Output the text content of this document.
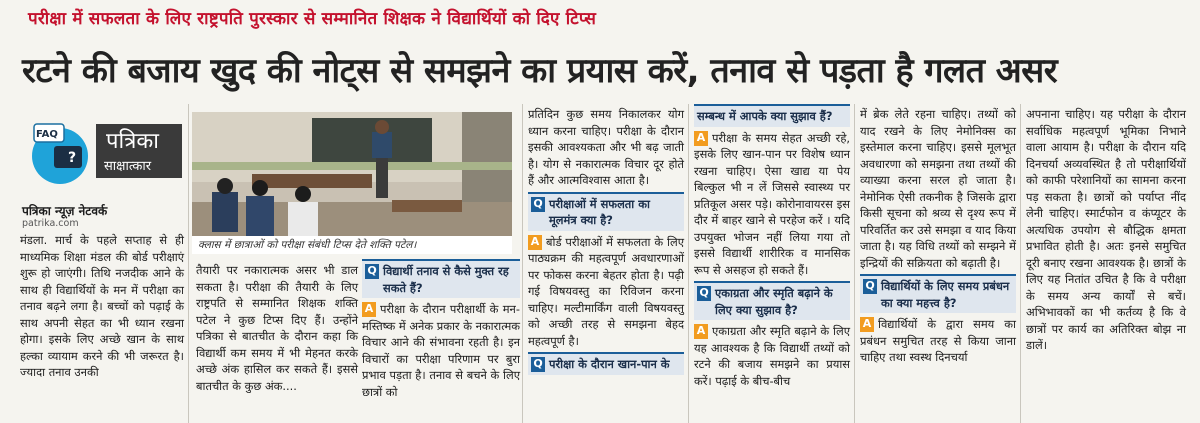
परीक्षा में सफलता के लिए राष्ट्रपति पुरस्कार से सम्मानित शिक्षक ने विद्यार्थियों को दिए टिप्स
रटने की बजाय खुद की नोट्स से समझने का प्रयास करें, तनाव से पड़ता है गलत असर
?
FAQ पत्रिका
साक्षात्कार
पत्रिका न्यूज़ नेटवर्क
patrika.com

मंडला. मार्च के पहले सप्ताह से ही माध्यमिक शिक्षा मंडल की बोर्ड परीक्षाएं शुरू हो जाएंगी। तिथि नजदीक आने के साथ ही विद्यार्थियों के मन में परीक्षा का तनाव बढ़ने लगा है। बच्चों को पढ़ाई के साथ अपनी सेहत का भी ध्यान रखना होगा। इसके लिए अच्छे खान के साथ हल्का व्यायाम करने की भी जरूरत है। ज्यादा तनाव उनकी

क्लास में छात्राओं को परीक्षा संबंधी टिप्स देते शक्ति पटेल।

तैयारी पर नकारात्मक असर भी डाल सकता है। परीक्षा की तैयारी के लिए राष्ट्रपति से सम्मानित शिक्षक शक्ति पटेल ने कुछ टिप्स दिए हैं। उन्होंने पत्रिका से बातचीत के दौरान कहा कि विद्यार्थी कम समय में भी मेहनत करके अच्छे अंक हासिल कर सकते हैं। इससे बातचीत के कुछ अंक....

Q विद्यार्थी तनाव से कैसे मुक्त रह सकते हैं?

A परीक्षा के दौरान परीक्षार्थी के मन-मस्तिष्क में अनेक प्रकार के नकारात्मक विचार आने की संभावना रहती है। इन विचारों का परीक्षा परिणाम पर बुरा प्रभाव पड़ता है। तनाव से बचने के लिए छात्रों को

प्रतिदिन कुछ समय निकालकर योग ध्यान करना चाहिए। परीक्षा के दौरान इसकी आवश्यकता और भी बढ़ जाती है। योग से नकारात्मक विचार दूर होते हैं और आत्मविश्वास आता है।

Q परीक्षाओं में सफलता का मूलमंत्र क्या है?

A बोर्ड परीक्षाओं में सफलता के लिए पाठ्यक्रम की महत्वपूर्ण अवधारणाओं पर फोकस करना बेहतर होता है। पढ़ी गई विषयवस्तु का रिविजन करना चाहिए। मल्टीमार्किंग वाली विषयवस्तु को अच्छी तरह से समझना बेहद महत्वपूर्ण है।

Q परीक्षा के दौरान खान-पान के
सम्बन्ध में आपके क्या सुझाव हैं?

A परीक्षा के समय सेहत अच्छी रहे, इसके लिए खान-पान पर विशेष ध्यान रखना चाहिए। ऐसा खाद्य या पेय बिल्कुल भी न लें जिससे स्वास्थ्य पर प्रतिकूल असर पड़े। कोरोनावायरस इस दौर में बाहर खाने से परहेज करें । यदि उपयुक्त भोजन नहीं लिया गया तो इससे विद्यार्थी शारीरिक व मानसिक रूप से असहज हो सकते हैं।

Q एकाग्रता और स्मृति बढ़ाने के लिए क्या सुझाव है?

A एकाग्रता और स्मृति बढ़ाने के लिए यह आवश्यक है कि विद्यार्थी तथ्यों को रटने की बजाय समझने का प्रयास करें। पढ़ाई के बीच-बीच

में ब्रेक लेते रहना चाहिए। तथ्यों को याद रखने के लिए नेमोनिक्स का इस्तेमाल करना चाहिए। इससे मूलभूत अवधारणा को समझना तथा तथ्यों की व्याख्या करना सरल हो जाता है। नेमोनिक ऐसी तकनीक है जिसके द्वारा किसी सूचना को श्रव्य से दृश्य रूप में परिवर्तित कर उसे समझा व याद किया जाता है। यह विधि तथ्यों को सम्झने में इन्द्रियों की सक्रियता को बढ़ाती है।

Q विद्यार्थियों के लिए समय प्रबंधन का क्या महत्त्व है?

A विद्यार्थियों के द्वारा समय का प्रबंधन समुचित तरह से किया जाना चाहिए तथा स्वस्थ दिनचर्या

अपनाना चाहिए। यह परीक्षा के दौरान सर्वाधिक महत्वपूर्ण भूमिका निभाने वाला आयाम है। परीक्षा के दौरान यदि दिनचर्या अव्यवस्थित है तो परीक्षार्थियों को काफी परेशानियों का सामना करना पड़ सकता है। छात्रों को पर्याप्त नींद लेनी चाहिए। स्मार्टफोन व कंप्यूटर के अत्यधिक उपयोग से बौद्धिक क्षमता प्रभावित होती है। अतः इनसे समुचित दूरी बनाए रखना आवश्यक है। छात्रों के लिए यह नितांत उचित है कि वे परीक्षा के समय अन्य कार्यों से बचें। अभिभावकों का भी कर्तव्य है कि वे छात्रों पर कार्य का अतिरिक्त बोझ ना डालें।
